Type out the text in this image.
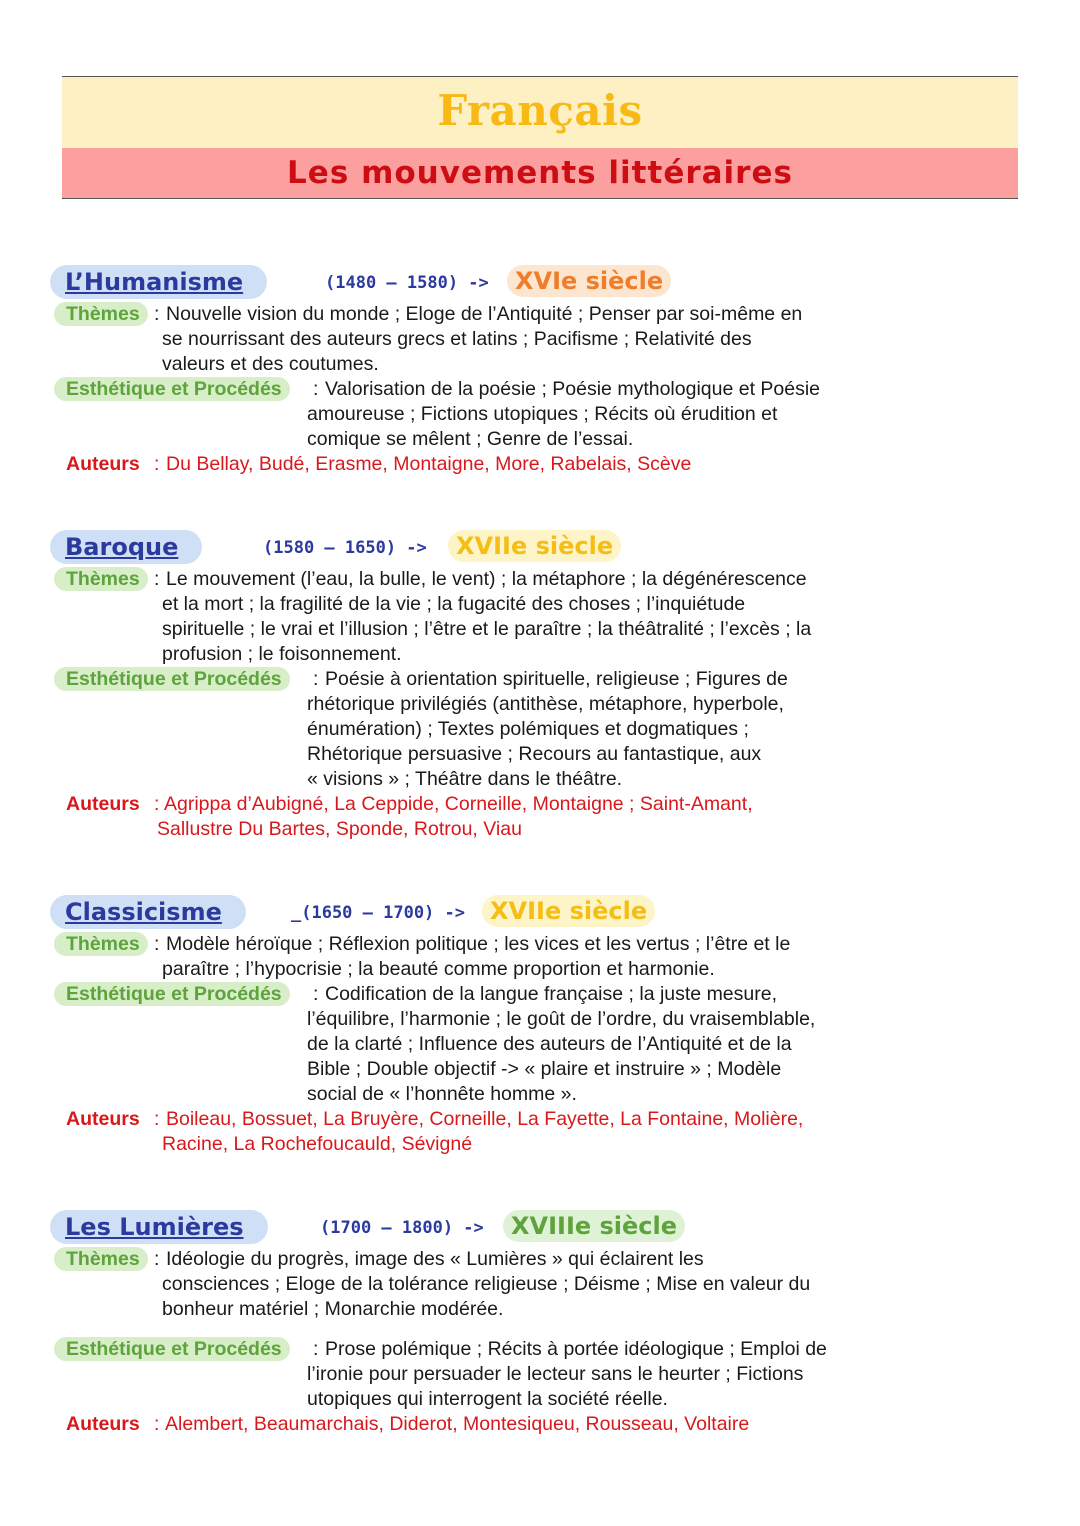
Français
Les mouvements littéraires
L’Humanisme	(1480 – 1580) ->	XVIe siècle
Thèmes : Nouvelle vision du monde ; Eloge de l’Antiquité ; Penser par soi-même en
se nourrissant des auteurs grecs et latins ; Pacifisme ; Relativité des
valeurs et des coutumes.
Esthétique et Procédés	: Valorisation de la poésie ; Poésie mythologique et Poésie
amoureuse ; Fictions utopiques ; Récits où érudition et
comique se mêlent ; Genre de l’essai.
Auteurs : Du Bellay, Budé, Erasme, Montaigne, More, Rabelais, Scève
Baroque	(1580 – 1650) ->	XVIIe siècle
Thèmes : Le mouvement (l’eau, la bulle, le vent) ; la métaphore ; la dégénérescence
et la mort ; la fragilité de la vie ; la fugacité des choses ; l’inquiétude
spirituelle ; le vrai et l’illusion ; l’être et le paraître ; la théâtralité ; l’excès ; la
profusion ; le foisonnement.
Esthétique et Procédés	: Poésie à orientation spirituelle, religieuse ; Figures de
rhétorique privilégiés (antithèse, métaphore, hyperbole,
énumération) ; Textes polémiques et dogmatiques ;
Rhétorique persuasive ; Recours au fantastique, aux
« visions » ; Théâtre dans le théâtre.
Auteurs : Agrippa d’Aubigné, La Ceppide, Corneille, Montaigne ; Saint-Amant,
Sallustre Du Bartes, Sponde, Rotrou, Viau
Classicisme	_(1650 – 1700) ->	XVIIe siècle
Thèmes : Modèle héroïque ; Réflexion politique ; les vices et les vertus ; l’être et le
paraître ; l’hypocrisie ; la beauté comme proportion et harmonie.
Esthétique et Procédés	: Codification de la langue française ; la juste mesure,
l’équilibre, l’harmonie ; le goût de l’ordre, du vraisemblable,
de la clarté ; Influence des auteurs de l’Antiquité et de la
Bible ; Double objectif -> « plaire et instruire » ; Modèle
social de « l’honnête homme ».
Auteurs : Boileau, Bossuet, La Bruyère, Corneille, La Fayette, La Fontaine, Molière,
Racine, La Rochefoucauld, Sévigné
Les Lumières	(1700 – 1800) ->	XVIIIe siècle
Thèmes : Idéologie du progrès, image des « Lumières » qui éclairent les
consciences ; Eloge de la tolérance religieuse ; Déisme ; Mise en valeur du
bonheur matériel ; Monarchie modérée.
Esthétique et Procédés	: Prose polémique ; Récits à portée idéologique ; Emploi de
l’ironie pour persuader le lecteur sans le heurter ; Fictions
utopiques qui interrogent la société réelle.
Auteurs : Alembert, Beaumarchais, Diderot, Montesiqueu, Rousseau, Voltaire
